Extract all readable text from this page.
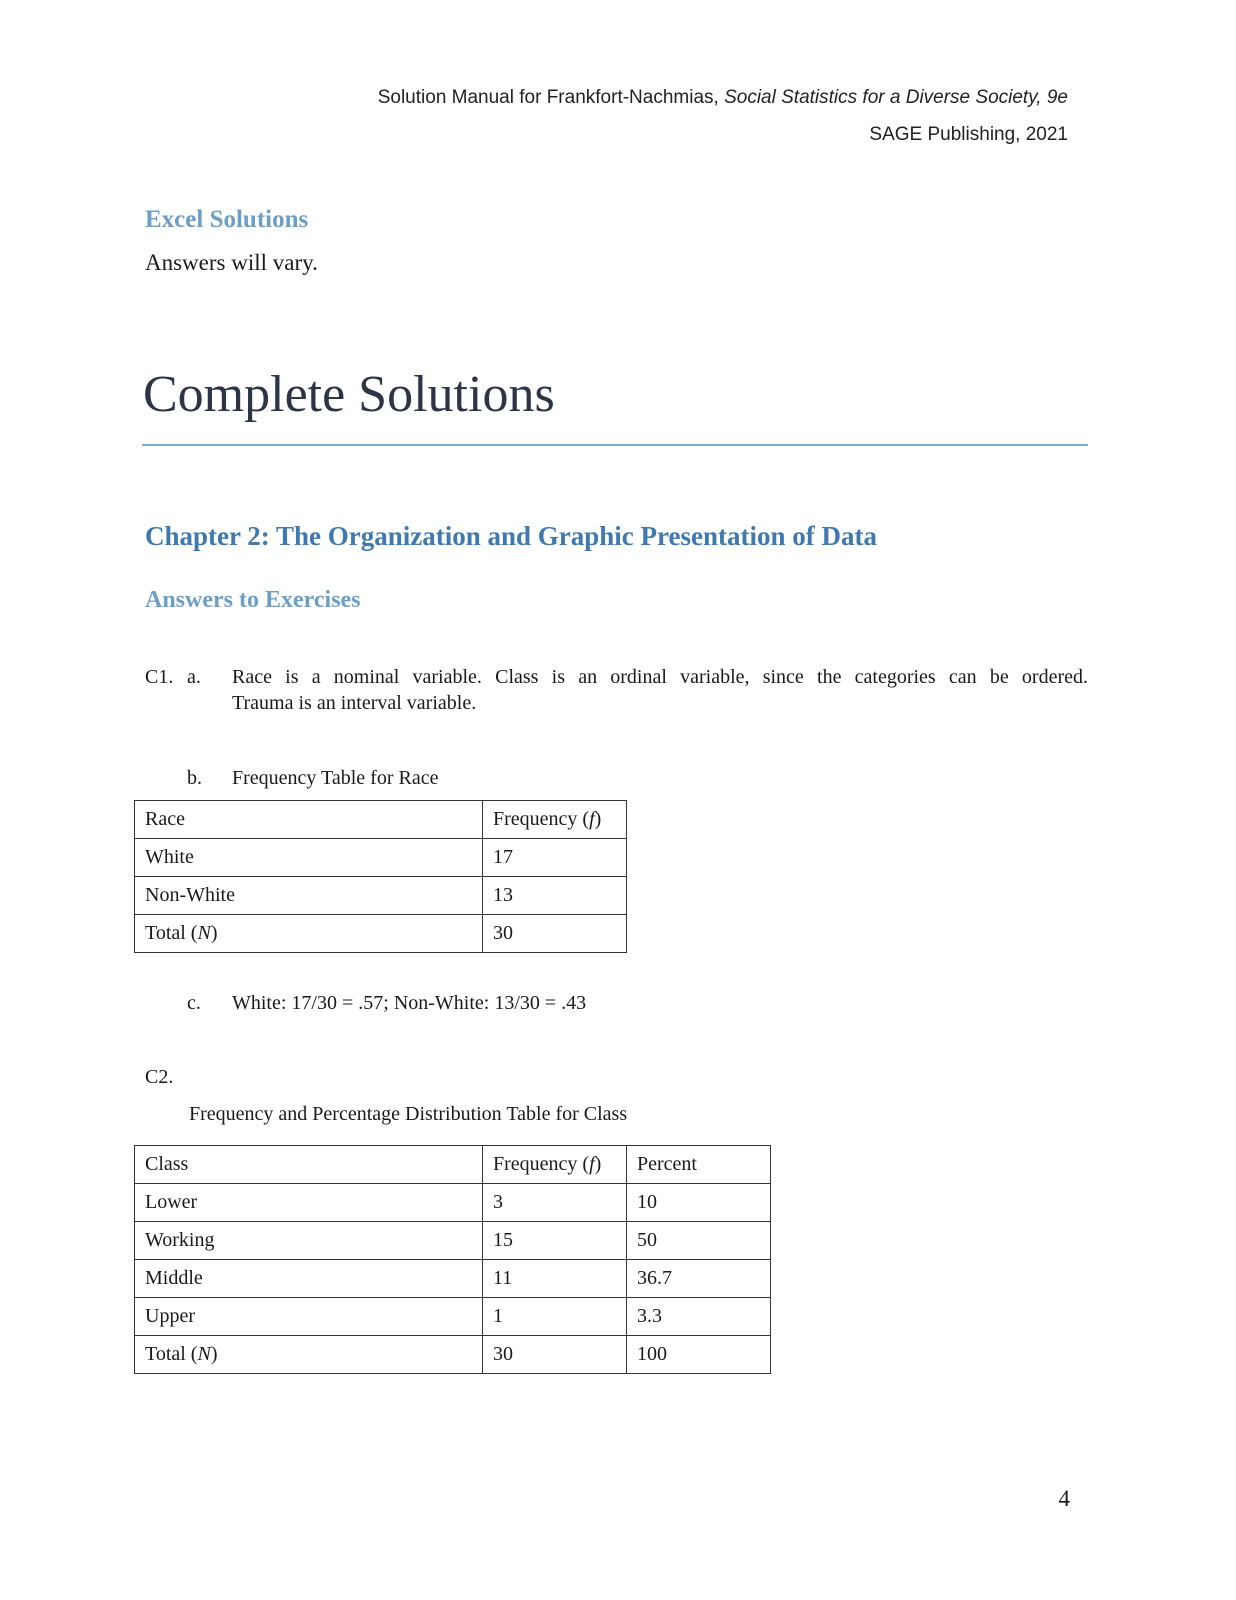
Solution Manual for Frankfort-Nachmias, Social Statistics for a Diverse Society, 9e
SAGE Publishing, 2021
Excel Solutions
Answers will vary.
Complete Solutions
Chapter 2: The Organization and Graphic Presentation of Data
Answers to Exercises
C1. a. Race is a nominal variable. Class is an ordinal variable, since the categories can be ordered.
Trauma is an interval variable.
b. Frequency Table for Race
Race	Frequency (f)
White	17
Non-White	13
Total (N)	30
c. White: 17/30 = .57; Non-White: 13/30 = .43
C2.
Frequency and Percentage Distribution Table for Class
Class	Frequency (f)	Percent
Lower	3	10
Working	15	50
Middle	11	36.7
Upper	1	3.3
Total (N)	30	100
4
